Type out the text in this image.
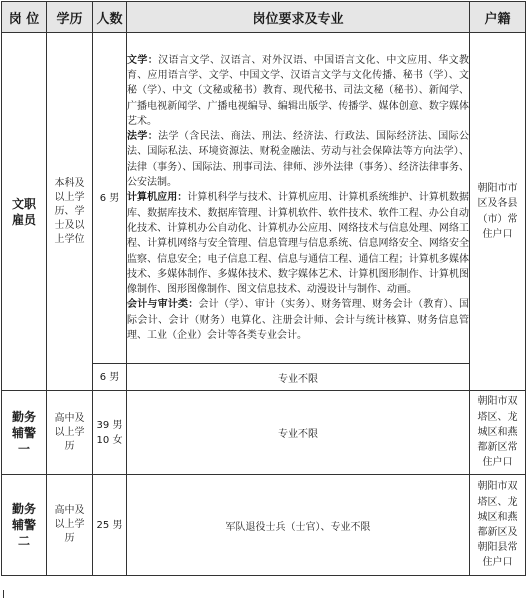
岗 位	学历	人数	岗位要求及专业	户籍

文职雇员	本科及以上学历、学士及以上学位	6 男	文学：汉语言文学、汉语言、对外汉语、中国语言文化、中文应用、华文教育、应用语言学、文学、中国文学、汉语言文学与文化传播、秘书（学）、文秘（学）、中文（文秘或秘书）教育、现代秘书、司法文秘（秘书）、新闻学、广播电视新闻学、广播电视编导、编辑出版学、传播学、媒体创意、数字媒体艺术。

法学：法学（含民法、商法、刑法、经济法、行政法、国际经济法、国际公法、国际私法、环境资源法、财税金融法、劳动与社会保障法等方向法学）、法律（事务）、国际法、刑事司法、律师、涉外法律（事务）、经济法律事务、公安法制。

计算机应用：计算机科学与技术、计算机应用、计算机系统维护、计算机数据库、数据库技术、数据库管理、计算机软件、软件技术、软件工程、办公自动化技术、计算机办公自动化、计算机办公应用、网络技术与信息处理、网络工程、计算机网络与安全管理、信息管理与信息系统、信息网络安全、网络安全监察、信息安全；电子信息工程、信息与通信工程、通信工程；计算机多媒体技术、多媒体制作、多媒体技术、数字媒体艺术、计算机图形制作、计算机图像制作、图形图像制作、图文信息技术、动漫设计与制作、动画。

会计与审计类：会计（学）、审计（实务）、财务管理、财务会计（教育）、国际会计、会计（财务）电算化、注册会计师、会计与统计核算、财务信息管理、工业（企业）会计等各类专业会计。	朝阳市市区及各县（市）常住户口

		6 男	专业不限	

勤务辅警一	高中及以上学历	39 男
10 女	专业不限	朝阳市双塔区、龙城区和燕都新区常住户口

勤务辅警二	高中及以上学历	25 男	军队退役士兵（士官）、专业不限	朝阳市双塔区、龙城区和燕都新区及朝阳县常住户口
